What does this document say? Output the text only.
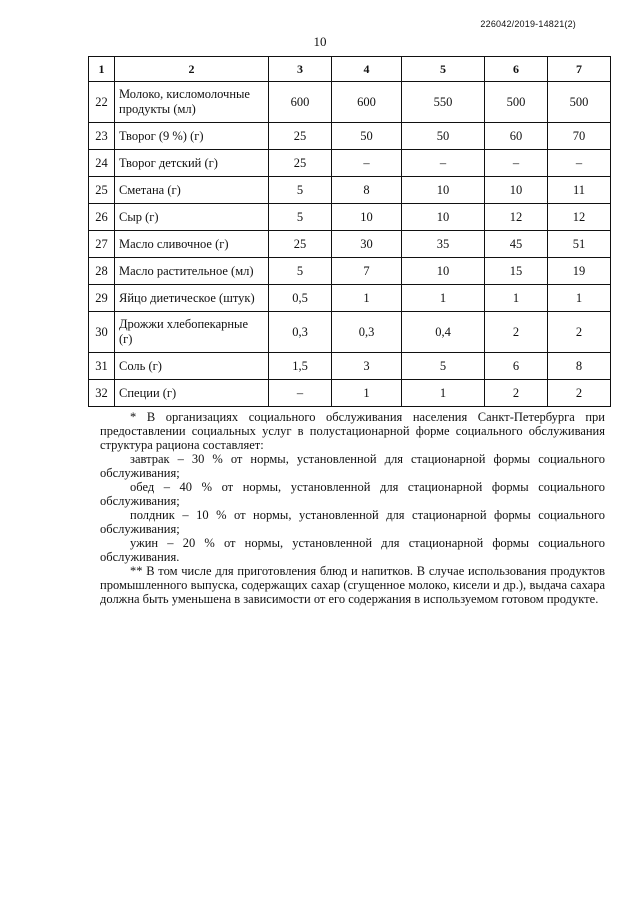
226042/2019-14821(2)
10
1	2	3	4	5	6	7
22	Молоко, кисломолочные продукты (мл)	600	600	550	500	500
23	Творог (9 %) (г)	25	50	50	60	70
24	Творог детский (г)	25	–	–	–	–
25	Сметана (г)	5	8	10	10	11
26	Сыр (г)	5	10	10	12	12
27	Масло сливочное (г)	25	30	35	45	51
28	Масло растительное (мл)	5	7	10	15	19
29	Яйцо диетическое (штук)	0,5	1	1	1	1
30	Дрожжи хлебопекарные (г)	0,3	0,3	0,4	2	2
31	Соль (г)	1,5	3	5	6	8
32	Специи (г)	–	1	1	2	2

* В организациях социального обслуживания населения Санкт-Петербурга при предоставлении социальных услуг в полустационарной форме социального обслуживания структура рациона составляет:

завтрак – 30 % от нормы, установленной для стационарной формы социального обслуживания;

обед – 40 % от нормы, установленной для стационарной формы социального обслуживания;

полдник – 10 % от нормы, установленной для стационарной формы социального обслуживания;

ужин – 20 % от нормы, установленной для стационарной формы социального обслуживания.

** В том числе для приготовления блюд и напитков. В случае использования продуктов промышленного выпуска, содержащих сахар (сгущенное молоко, кисели и др.), выдача сахара должна быть уменьшена в зависимости от его содержания в используемом готовом продукте.
